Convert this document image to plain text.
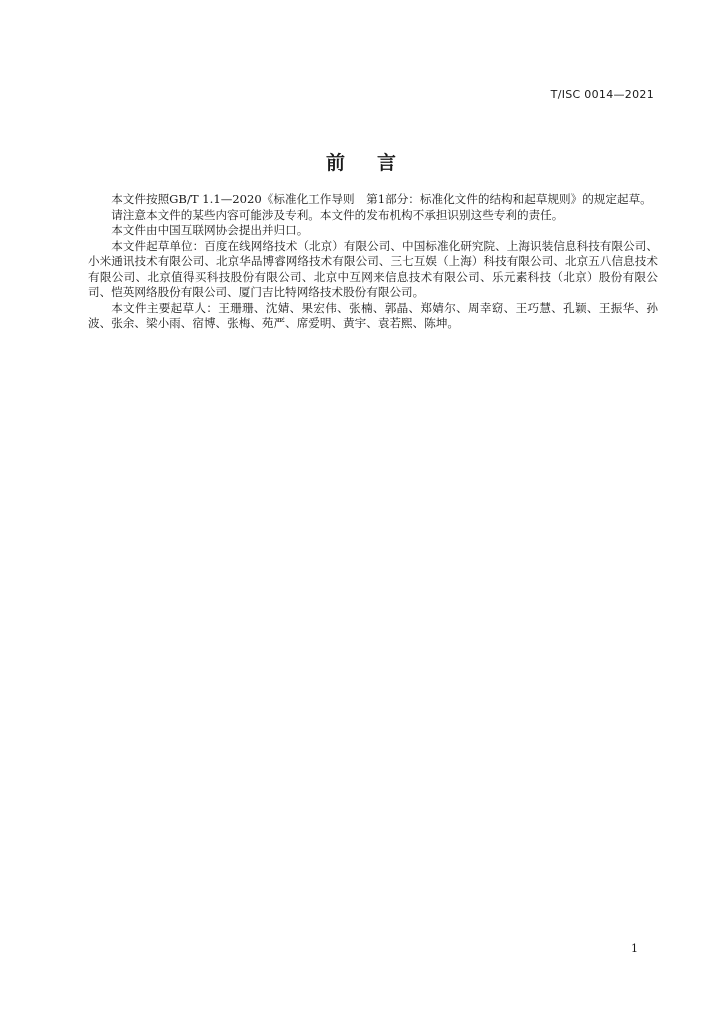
T/ISC 0014—2021
前 言

本文件按照GB/T 1.1—2020《标准化工作导则　第1部分：标准化文件的结构和起草规则》的规定起草。

请注意本文件的某些内容可能涉及专利。本文件的发布机构不承担识别这些专利的责任。

本文件由中国互联网协会提出并归口。

本文件起草单位：百度在线网络技术（北京）有限公司、中国标准化研究院、上海识装信息科技有限公司、小米通讯技术有限公司、北京华品博睿网络技术有限公司、三七互娱（上海）科技有限公司、北京五八信息技术有限公司、北京值得买科技股份有限公司、北京中互网来信息技术有限公司、乐元素科技（北京）股份有限公司、恺英网络股份有限公司、厦门吉比特网络技术股份有限公司。

本文件主要起草人：王珊珊、沈婧、果宏伟、张楠、郭晶、郑婧尔、周幸窈、王巧慧、孔颖、王振华、孙波、张余、梁小雨、宿博、张梅、苑严、席爱明、黄宇、袁若熙、陈坤。

1
